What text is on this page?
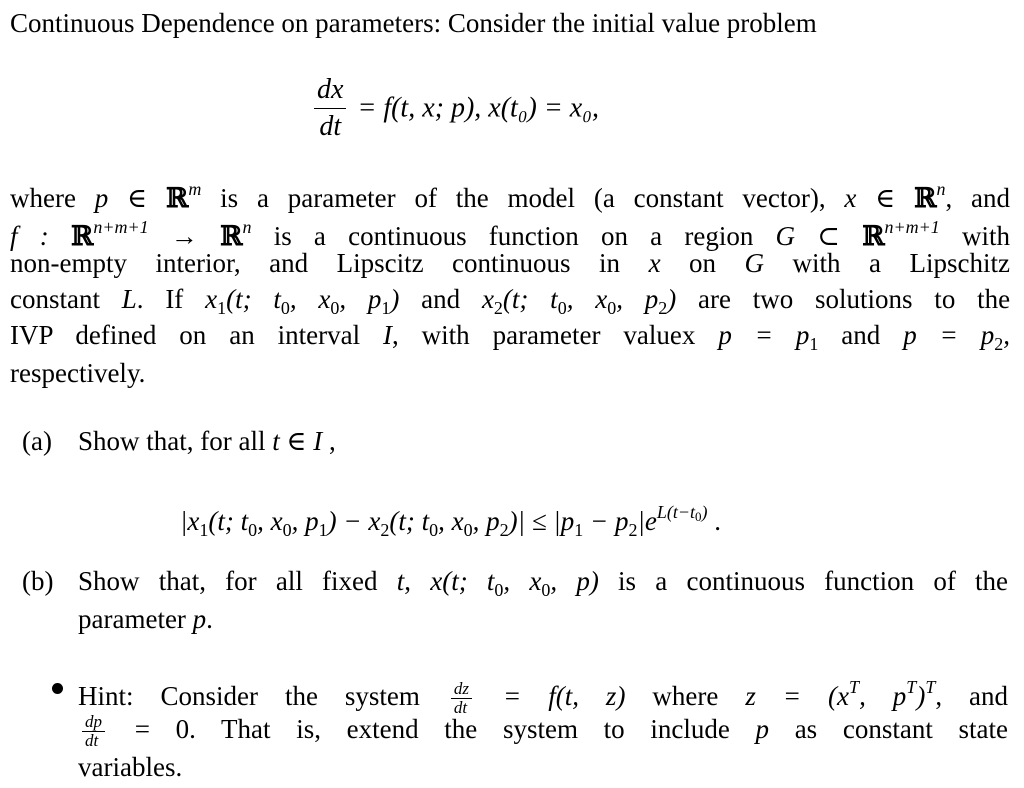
Continuous Dependence on parameters: Consider the initial value problem
$\frac{dx}{dt} = f(t$, x; p), x(t₀) = x₀,
where p ∈ ℝ$^m$ is a parameter of the model (a constant vector), x ∈ ℝ$^n$, and
f : ℝ$^{n+m+1}$ → ℝ$^n$ is a continuous function on a region G ⊂ ℝ$^{n+m+1}$ with
non-empty interior, and Lipscitz continuous in x on G with a Lipschitz
constant L. If $x_1(t$; $t_0$, $x_0$, $p_1$) and $x_2(t$; $t_0$, $x_0$, $p_2$) are two solutions to the
IVP defined on an interval I, with parameter valuex $p = p_1$ and $p = p_2$,
respectively.
(a) Show that, for all t ∈ I ,
$|x_1(t$; $t_0$, $x_0$, $p_1) - x_2(t$; $t_0$, $x_0$, $p_2)| \le |p_1 - p_2|e^{L(t-t0)}$ .
(b) Show that, for all fixed t, x(t; $t_0$, $x_0$, p) is a continuous function of the
parameter p.
Hint: Consider the system $\frac{dz}{dt} = f(t$, z) where $z = (x^T$, $p^T)^T$, and
$\frac{dp}{dt} = 0$. That is, extend the system to include p as constant state
variables.
